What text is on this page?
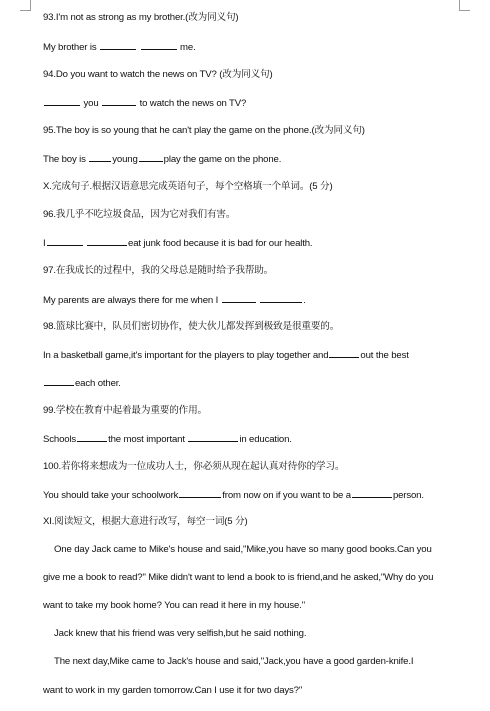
93.I'm not as strong as my brother.(改为同义句)
My brother is	me.
94.Do you want to watch the news on TV? (改为同义句)
you	to watch the news on TV?
95.The boy is so young that he can't play the game on the phone.(改为同义句)
The boy is	young	play the game on the phone.
X.完成句子.根据汉语意思完成英语句子，每个空格填一个单词。(5 分)
96.我几乎不吃垃圾食品，因为它对我们有害。
I	eat junk food because it is bad for our health.
97.在我成长的过程中，我的父母总是随时给予我帮助。
My parents are always there for me when I	.
98.篮球比赛中，队员们密切协作，使大伙儿都发挥到极致是很重要的。
In a basketball game,it's important for the players to play together and	out the best
each other.
99.学校在教育中起着最为重要的作用。
Schools	the most important	in education.
100.若你将来想成为一位成功人士，你必须从现在起认真对待你的学习。
You should take your schoolwork	from now on if you want to be a	person.
XI.阅读短文，根据大意进行改写，每空一词(5 分)
One day Jack came to Mike's house and said,"Mike,you have so many good books.Can you
give me a book to read?" Mike didn't want to lend a book to is friend,and he asked,"Why do you
want to take my book home? You can read it here in my house."
Jack knew that his friend was very selfish,but he said nothing.
The next day,Mike came to Jack's house and said,"Jack,you have a good garden-knife.I
want to work in my garden tomorrow.Can I use it for two days?"
